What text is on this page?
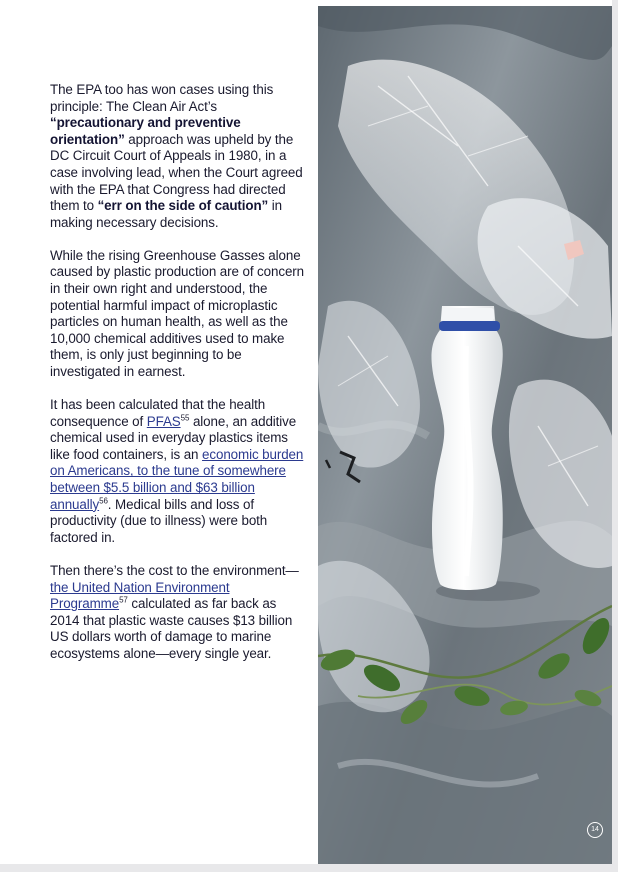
The EPA too has won cases using this principle: The Clean Air Act’s “precautionary and preventive orientation” approach was upheld by the DC Circuit Court of Appeals in 1980, in a case involving lead, when the Court agreed with the EPA that Congress had directed them to “err on the side of caution” in making necessary decisions.

While the rising Greenhouse Gasses alone caused by plastic production are of concern in their own right and understood, the potential harmful impact of microplastic particles on human health, as well as the 10,000 chemical additives used to make them, is only just beginning to be investigated in earnest.

It has been calculated that the health consequence of PFAS$^{55}$ alone, an additive chemical used in everyday plastics items like food containers, is an economic burden on Americans, to the tune of somewhere between $5.5 billion and $63 billion annually$^{56}$. Medical bills and loss of productivity (due to illness) were both factored in.

Then there’s the cost to the environment—the United Nation Environment Programme$^{57}$ calculated as far back as 2014 that plastic waste causes $13 billion US dollars worth of damage to marine ecosystems alone—every single year.

14
